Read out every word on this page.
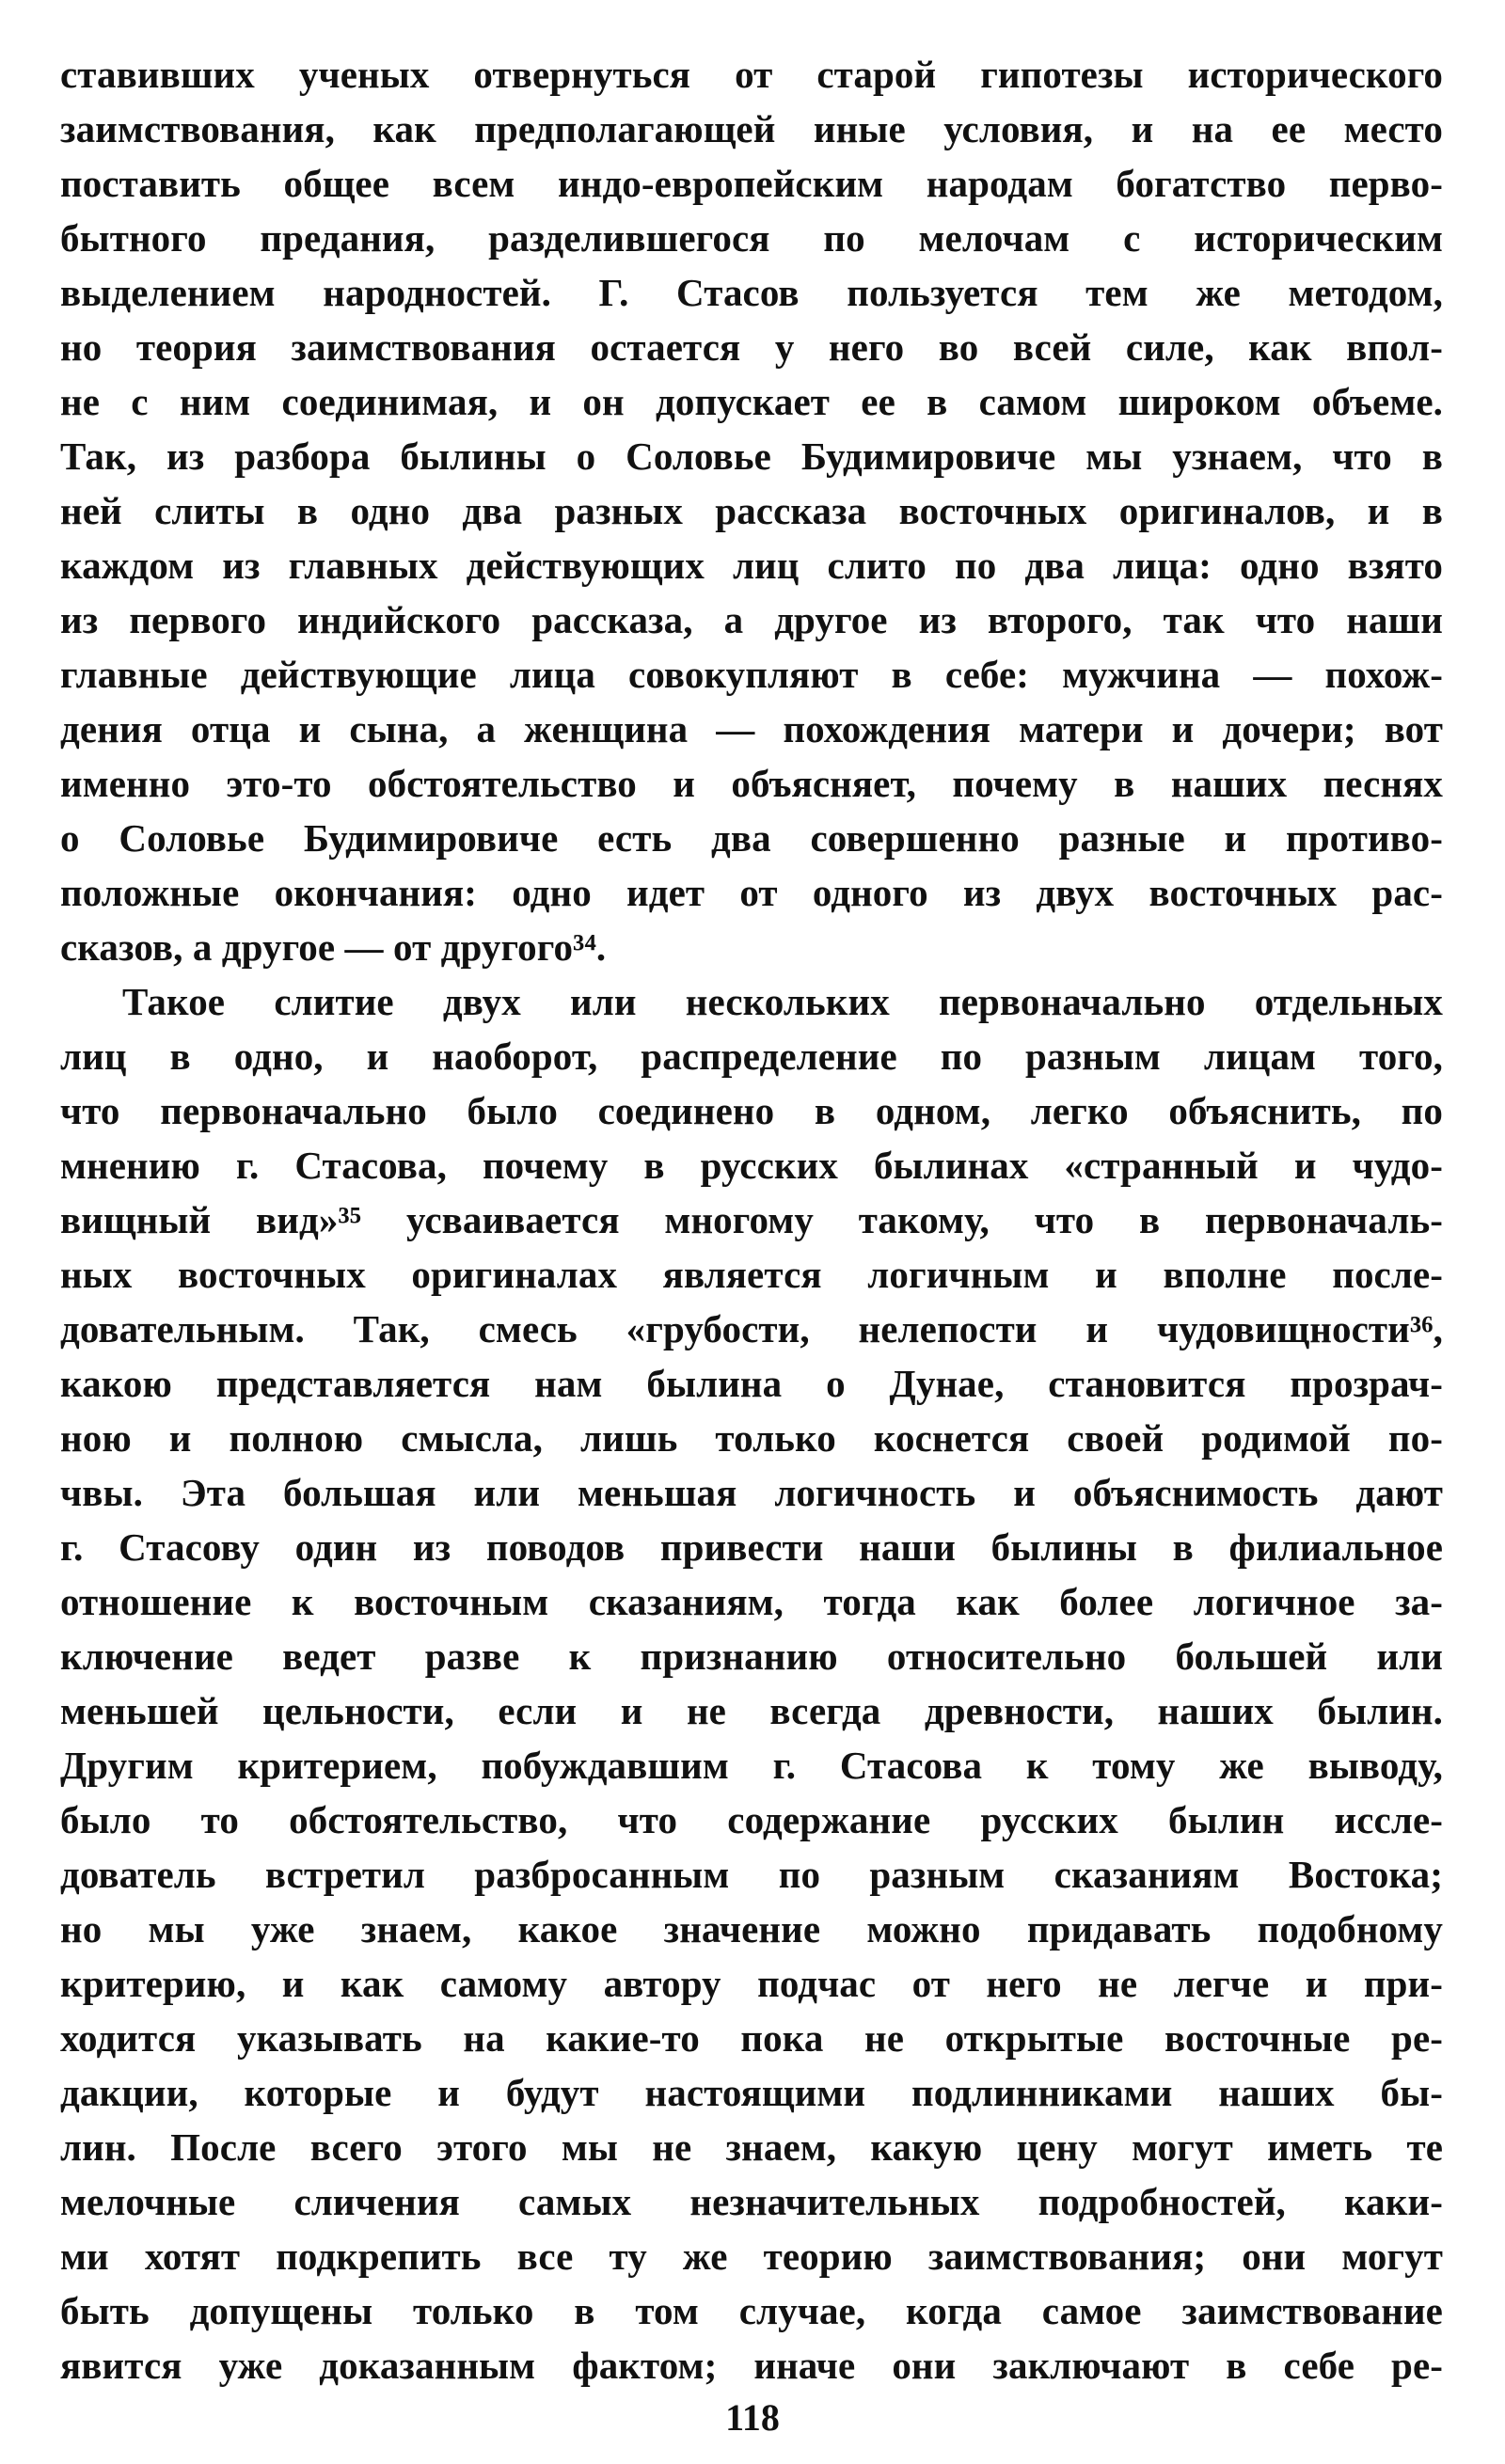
ставивших ученых отвернуться от старой гипотезы исторического
заимствования, как предполагающей иные условия, и на ее место
поставить общее всем индо-европейским народам богатство перво-
бытного предания, разделившегося по мелочам с историческим
выделением народностей. Г. Стасов пользуется тем же методом,
но теория заимствования остается у него во всей силе, как впол-
не с ним соединимая, и он допускает ее в самом широком объеме.
Так, из разбора былины о Соловье Будимировиче мы узнаем, что в
ней слиты в одно два разных рассказа восточных оригиналов, и в
каждом из главных действующих лиц слито по два лица: одно взято
из первого индийского рассказа, а другое из второго, так что наши
главные действующие лица совокупляют в себе: мужчина — похож-
дения отца и сына, а женщина — похождения матери и дочери; вот
именно это-то обстоятельство и объясняет, почему в наших песнях
о Соловье Будимировиче есть два совершенно разные и противо-
положные окончания: одно идет от одного из двух восточных рас-
сказов, а другое — от другого³⁴.
Такое слитие двух или нескольких первоначально отдельных
лиц в одно, и наоборот, распределение по разным лицам того,
что первоначально было соединено в одном, легко объяснить, по
мнению г. Стасова, почему в русских былинах «странный и чудо-
вищный вид»³⁵ усваивается многому такому, что в первоначаль-
ных восточных оригиналах является логичным и вполне после-
довательным. Так, смесь «грубости, нелепости и чудовищности³⁶,
какою представляется нам былина о Дунае, становится прозрач-
ною и полною смысла, лишь только коснется своей родимой по-
чвы. Эта большая или меньшая логичность и объяснимость дают
г. Стасову один из поводов привести наши былины в филиальное
отношение к восточным сказаниям, тогда как более логичное за-
ключение ведет разве к признанию относительно большей или
меньшей цельности, если и не всегда древности, наших былин.
Другим критерием, побуждавшим г. Стасова к тому же выводу,
было то обстоятельство, что содержание русских былин иссле-
дователь встретил разбросанным по разным сказаниям Востока;
но мы уже знаем, какое значение можно придавать подобному
критерию, и как самому автору подчас от него не легче и при-
ходится указывать на какие-то пока не открытые восточные ре-
дакции, которые и будут настоящими подлинниками наших бы-
лин. После всего этого мы не знаем, какую цену могут иметь те
мелочные сличения самых незначительных подробностей, каки-
ми хотят подкрепить все ту же теорию заимствования; они могут
быть допущены только в том случае, когда самое заимствование
явится уже доказанным фактом; иначе они заключают в себе ре-
118
